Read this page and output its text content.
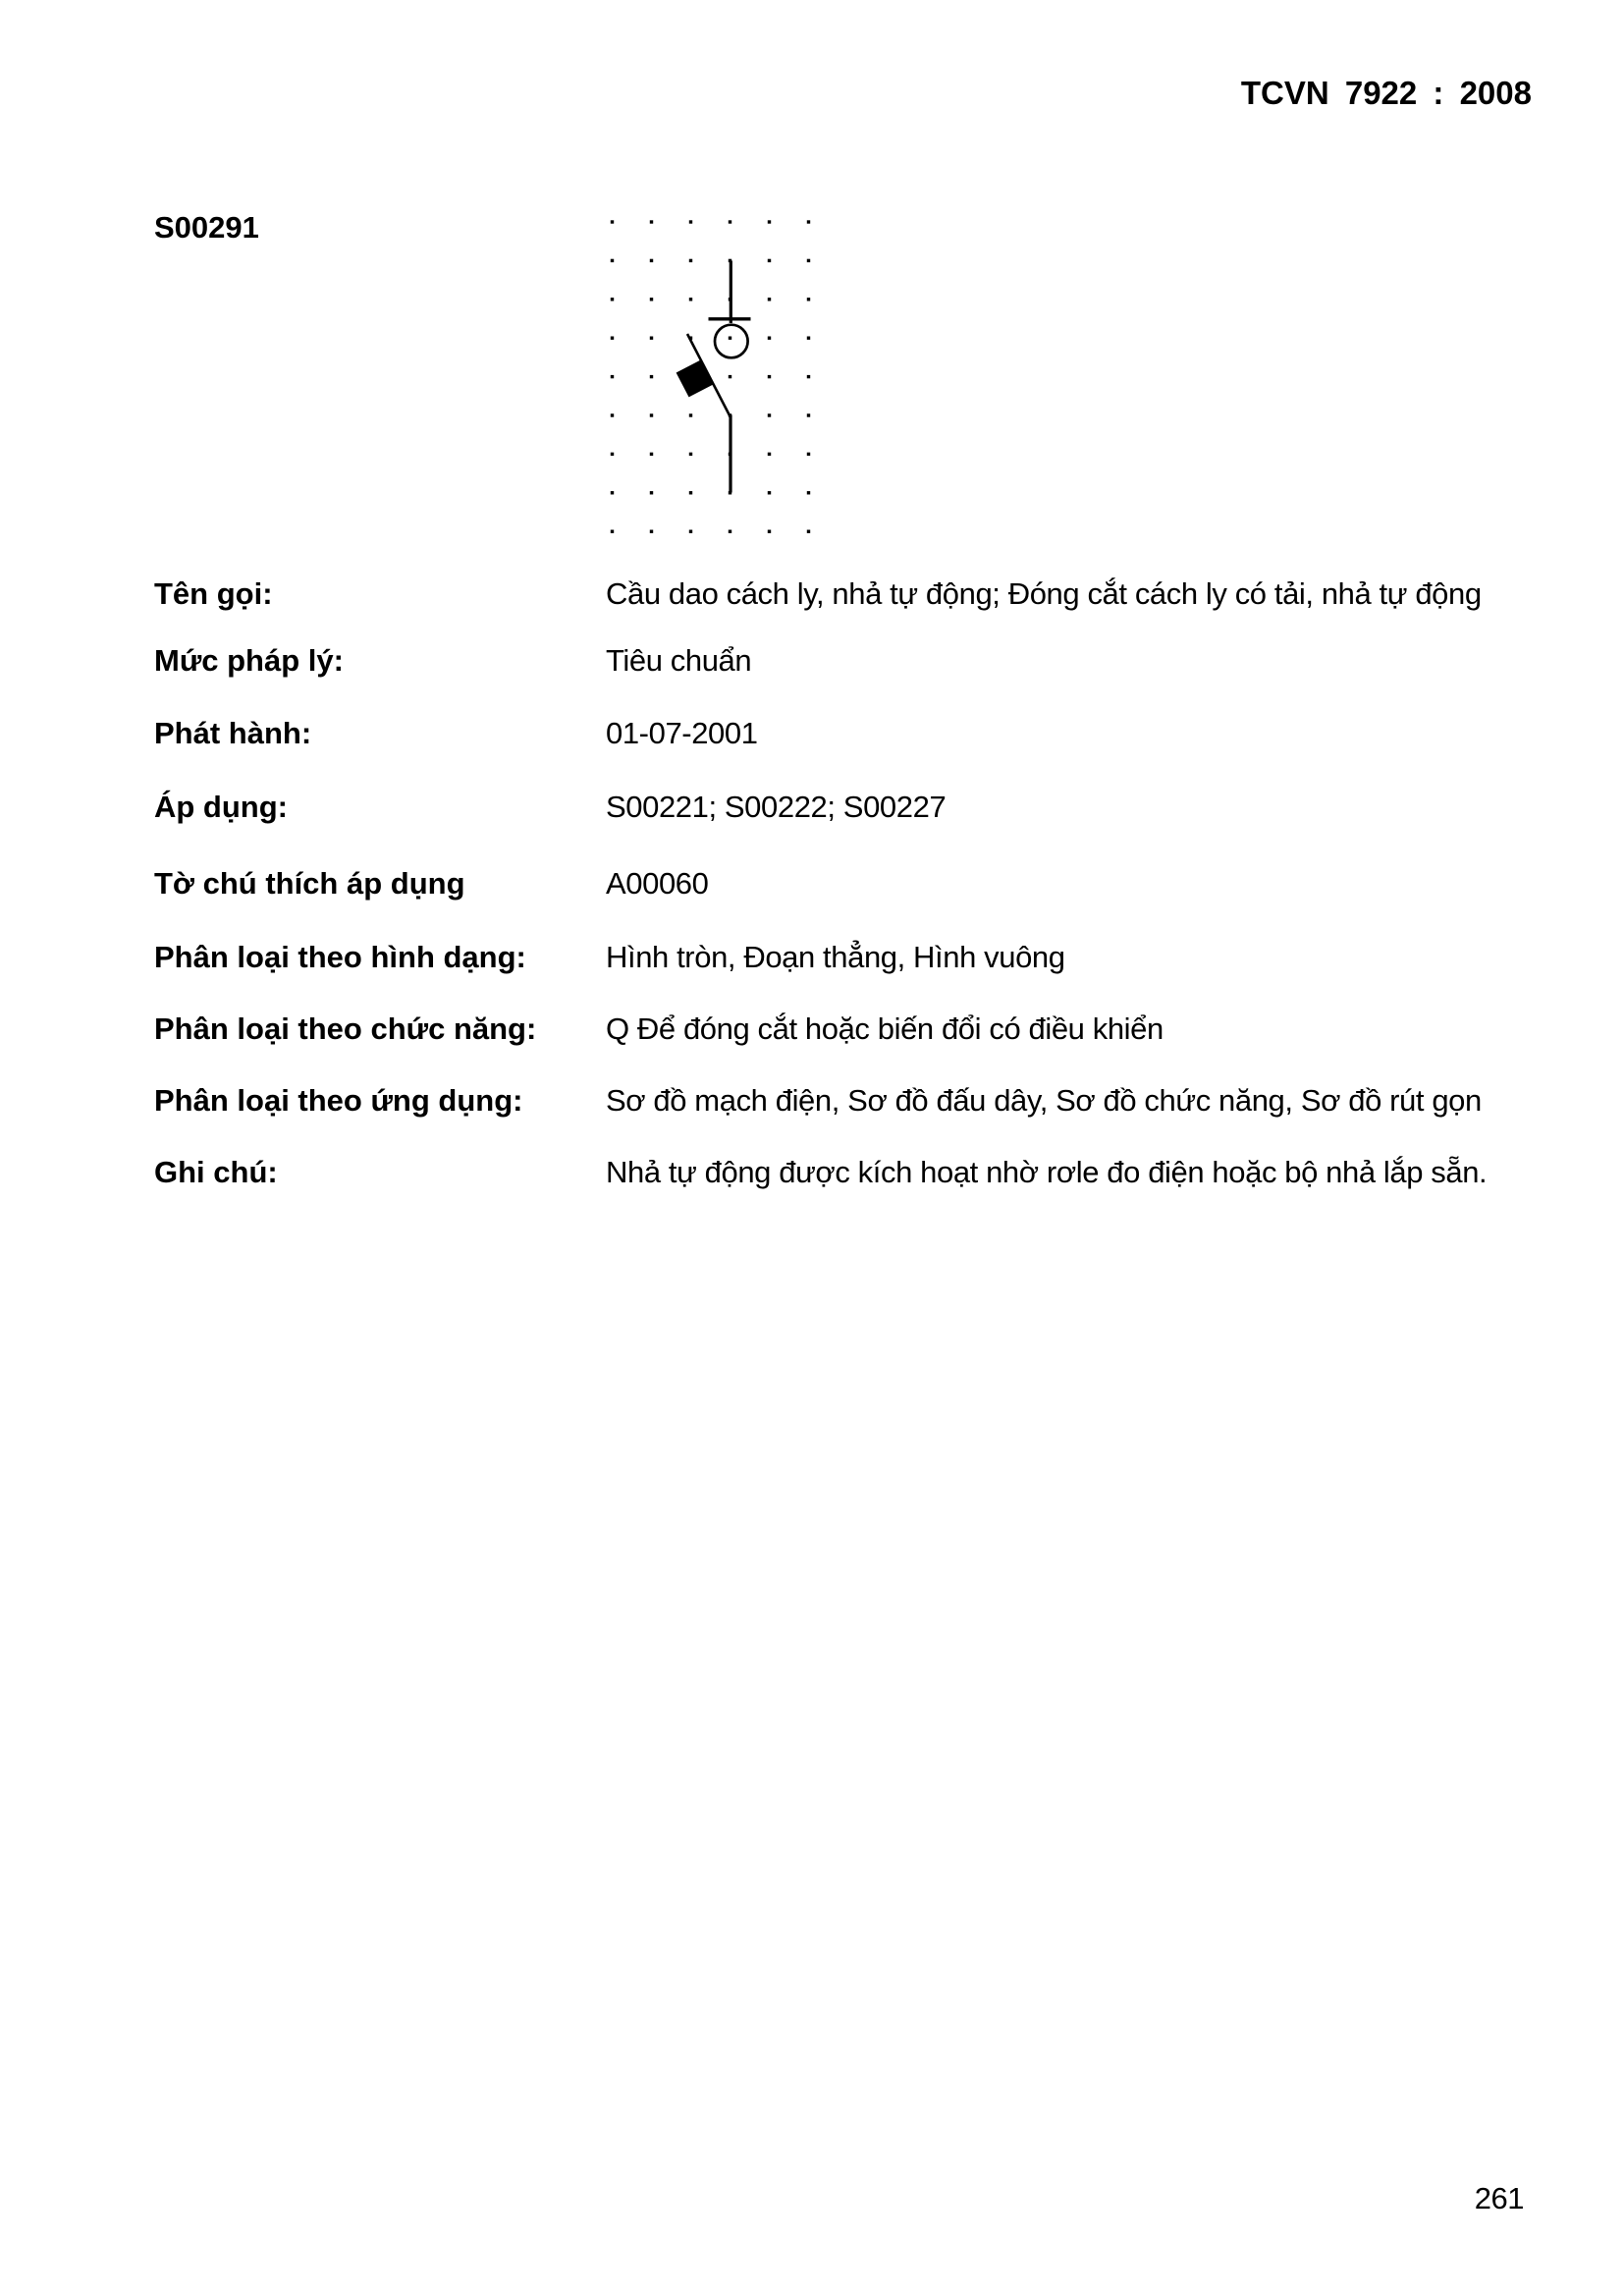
TCVN 7922 : 2008
S00291
Tên gọi:	Cầu dao cách ly, nhả tự động; Đóng cắt cách ly có tải, nhả tự động
Mức pháp lý:	Tiêu chuẩn
Phát hành:	01-07-2001
Áp dụng:	S00221; S00222; S00227
Tờ chú thích áp dụng	A00060
Phân loại theo hình dạng:	Hình tròn, Đoạn thẳng, Hình vuông
Phân loại theo chức năng: Q Để đóng cắt hoặc biến đổi có điều khiển
Phân loại theo ứng dụng:	Sơ đồ mạch điện, Sơ đồ đấu dây, Sơ đồ chức năng, Sơ đồ rút gọn
Ghi chú:	Nhả tự động được kích hoạt nhờ rơle đo điện hoặc bộ nhả lắp sẵn.
261
